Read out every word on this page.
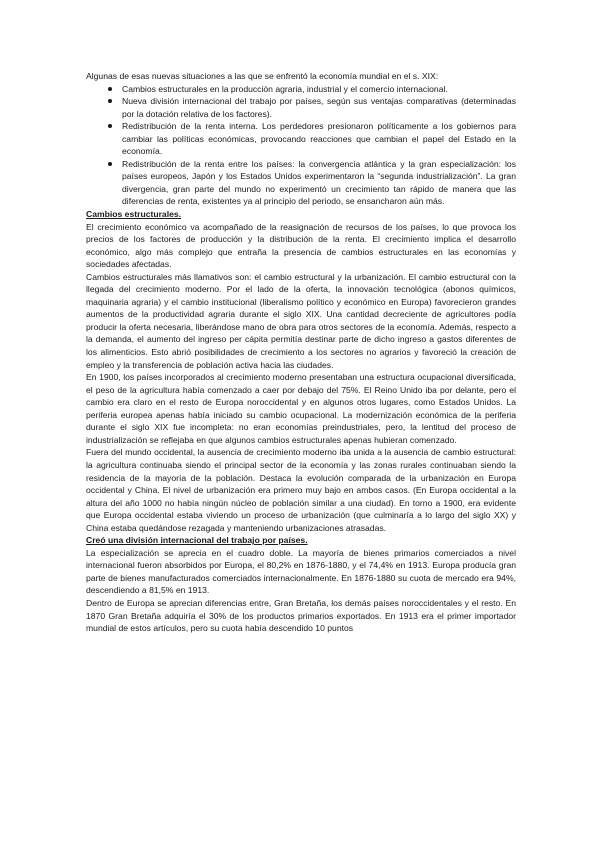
Algunas de esas nuevas situaciones a las que se enfrentó la economía mundial en el s. XIX:

Cambios estructurales en la producción agraria, industrial y el comercio internacional.
Nueva división internacional del trabajo por países, según sus ventajas comparativas (determinadas por la dotación relativa de los factores).
Redistribución de la renta interna. Los perdedores presionaron políticamente a los gobiernos para cambiar las políticas económicas, provocando reacciones que cambian el papel del Estado en la economía.
Redistribución de la renta entre los países: la convergencia atlántica y la gran especialización: los países europeos, Japón y los Estados Unidos experimentaron la “segunda industrialización”. La gran divergencia, gran parte del mundo no experimentó un crecimiento tan rápido de manera que las diferencias de renta, existentes ya al principio del periodo, se ensancharon aún más.
Cambios estructurales.

El crecimiento económico va acompañado de la reasignación de recursos de los países, lo que provoca los precios de los factores de producción y la distribución de la renta. El crecimiento implica el desarrollo económico, algo más complejo que entraña la presencia de cambios estructurales en las economías y sociedades afectadas.

Cambios estructurales más llamativos son: el cambio estructural y la urbanización. El cambio estructural con la llegada del crecimiento moderno. Por el lado de la oferta, la innovación tecnológica (abonos químicos, maquinaria agraria) y el cambio institucional (liberalismo político y económico en Europa) favorecieron grandes aumentos de la productividad agraria durante el siglo XIX. Una cantidad decreciente de agricultores podía producir la oferta necesaria, liberándose mano de obra para otros sectores de la economía. Además, respecto a la demanda, el aumento del ingreso per cápita permitía destinar parte de dicho ingreso a gastos diferentes de los alimenticios. Esto abrió posibilidades de crecimiento a los sectores no agrarios y favoreció la creación de empleo y la transferencia de población activa hacia las ciudades.

En 1900, los países incorporados al crecimiento moderno presentaban una estructura ocupacional diversificada, el peso de la agricultura había comenzado a caer por debajo del 75%. El Reino Unido iba por delante, pero el cambio era claro en el resto de Europa noroccidental y en algunos otros lugares, como Estados Unidos. La periferia europea apenas había iniciado su cambio ocupacional. La modernización económica de la periferia durante el siglo XIX fue incompleta: no eran economías preindustriales, pero, la lentitud del proceso de industrialización se reflejaba en que algunos cambios estructurales apenas hubieran comenzado.

Fuera del mundo occidental, la ausencia de crecimiento moderno iba unida a la ausencia de cambio estructural: la agricultura continuaba siendo el principal sector de la economía y las zonas rurales continuaban siendo la residencia de la mayoría de la población. Destaca la evolución comparada de la urbanización en Europa occidental y China. El nivel de urbanización era primero muy bajo en ambos casos. (En Europa occidental a la altura del año 1000 no había ningún núcleo de población similar a una ciudad). En torno a 1900, era evidente que Europa occidental estaba viviendo un proceso de urbanización (que culminaría a lo largo del siglo XX) y China estaba quedándose rezagada y manteniendo urbanizaciones atrasadas.

Creó una división internacional del trabajo por países.

La especialización se aprecia en el cuadro doble. La mayoría de bienes primarios comerciados a nivel internacional fueron absorbidos por Europa, el 80,2% en 1876-1880, y el 74,4% en 1913. Europa producía gran parte de bienes manufacturados comerciados internacionalmente. En 1876-1880 su cuota de mercado era 94%, descendiendo a 81,5% en 1913.

Dentro de Europa se aprecian diferencias entre, Gran Bretaña, los demás países noroccidentales y el resto. En 1870 Gran Bretaña adquiría el 30% de los productos primarios exportados. En 1913 era el primer importador mundial de estos artículos, pero su cuota había descendido 10 puntos
